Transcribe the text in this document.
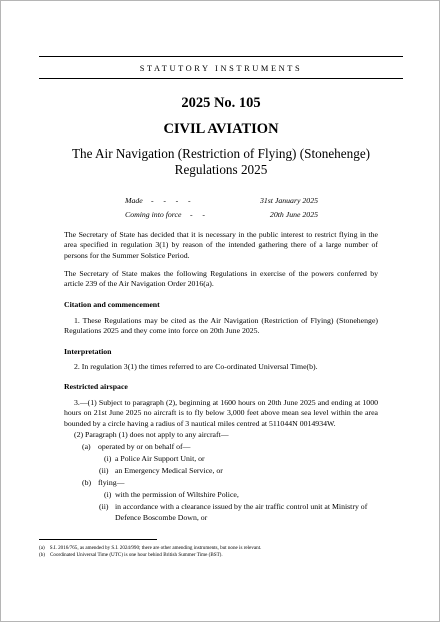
STATUTORY INSTRUMENTS
2025 No. 105
CIVIL AVIATION
The Air Navigation (Restriction of Flying) (Stonehenge)
Regulations 2025
Made -     -     -     -	31st January 2025
Coming into force -     -	20th June 2025
The Secretary of State has decided that it is necessary in the public interest to restrict flying in the area specified in regulation 3(1) by reason of the intended gathering there of a large number of persons for the Summer Solstice Period.
The Secretary of State makes the following Regulations in exercise of the powers conferred by article 239 of the Air Navigation Order 2016(a).
Citation and commencement
1. These Regulations may be cited as the Air Navigation (Restriction of Flying) (Stonehenge) Regulations 2025 and they come into force on 20th June 2025.
Interpretation
2. In regulation 3(1) the times referred to are Co-ordinated Universal Time(b).
Restricted airspace
3.—(1) Subject to paragraph (2), beginning at 1600 hours on 20th June 2025 and ending at 1000 hours on 21st June 2025 no aircraft is to fly below 3,000 feet above mean sea level within the area bounded by a circle having a radius of 3 nautical miles centred at 511044N 0014934W.
(2) Paragraph (1) does not apply to any aircraft—
(a) operated by or on behalf of—
(i) a Police Air Support Unit, or
(ii) an Emergency Medical Service, or
(b) flying—
(i) with the permission of Wiltshire Police,
(ii) in accordance with a clearance issued by the air traffic control unit at Ministry of
Defence Boscombe Down, or
(a)    S.I. 2016/765, as amended by S.I. 2024/990; there are other amending instruments, but none is relevant.
(b)    Coordinated Universal Time (UTC) is one hour behind British Summer Time (BST).
